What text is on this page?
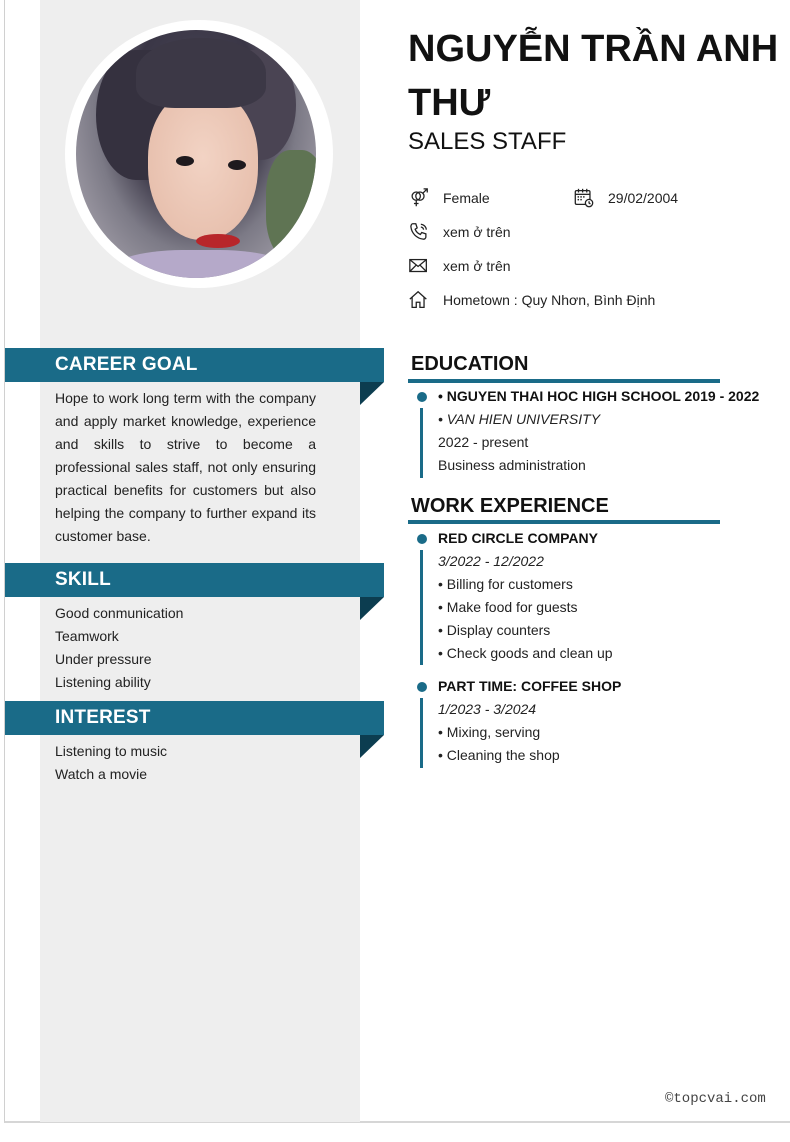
NGUYỄN TRẦN ANH THƯ
SALES STAFF
Female	29/02/2004
xem ở trên
xem ở trên
Hometown : Quy Nhơn, Bình Định
CAREER GOAL
Hope to work long term with the company and apply market knowledge, experience and skills to strive to become a professional sales staff, not only ensuring practical benefits for customers but also helping the company to further expand its customer base.
SKILL
Good conmunication
Teamwork
Under pressure
Listening ability
INTEREST
Listening to music
Watch a movie
EDUCATION
• NGUYEN THAI HOC HIGH SCHOOL 2019 - 2022
• VAN HIEN UNIVERSITY
2022 - present
Business administration
WORK EXPERIENCE
RED CIRCLE COMPANY
3/2022 - 12/2022
• Billing for customers
• Make food for guests
• Display counters
• Check goods and clean up
PART TIME: COFFEE SHOP
1/2023 - 3/2024
• Mixing, serving
• Cleaning the shop
©topcvai.com
